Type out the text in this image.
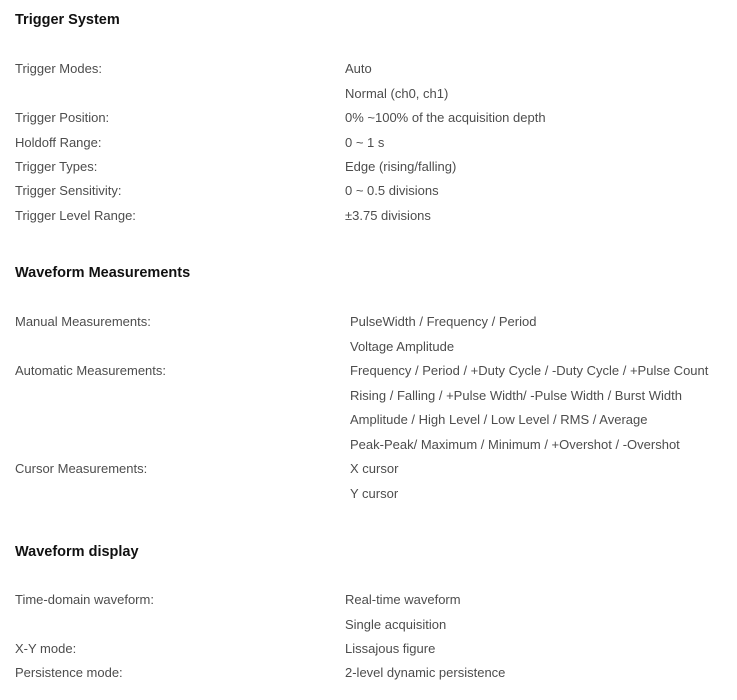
Trigger System
Trigger Modes:	Auto
Normal (ch0, ch1)
Trigger Position:	0% ~100% of the acquisition depth
Holdoff Range:	0 ~ 1 s
Trigger Types:	Edge (rising/falling)
Trigger Sensitivity:	0 ~ 0.5 divisions
Trigger Level Range:	±3.75 divisions
Waveform Measurements
Manual Measurements:	PulseWidth / Frequency / Period
Voltage Amplitude
Automatic Measurements:	Frequency / Period / +Duty Cycle / -Duty Cycle / +Pulse Count
Rising / Falling / +Pulse Width/ -Pulse Width / Burst Width
Amplitude / High Level / Low Level / RMS / Average
Peak-Peak/ Maximum / Minimum / +Overshot / -Overshot
Cursor Measurements:	X cursor
Y cursor
Waveform display
Time-domain waveform:	Real-time waveform
Single acquisition
X-Y mode:	Lissajous figure
Persistence mode:	2-level dynamic persistence
